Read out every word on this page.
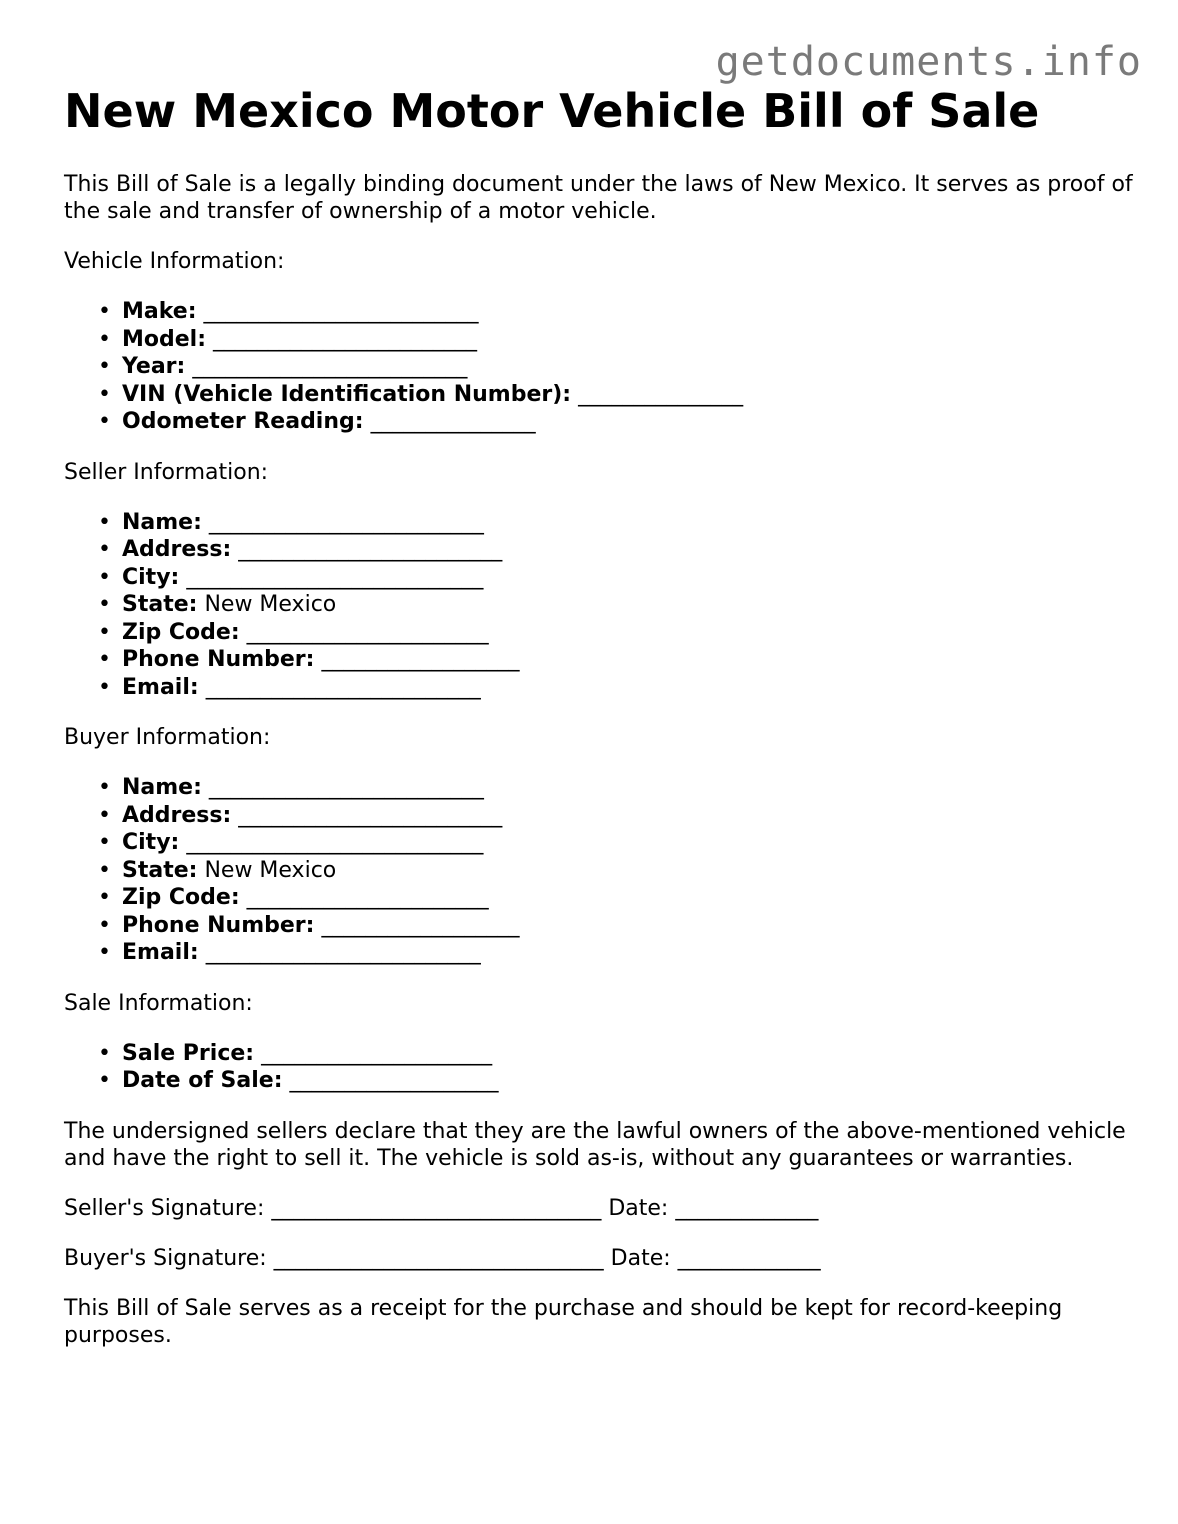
getdocuments.info
New Mexico Motor Vehicle Bill of Sale

This Bill of Sale is a legally binding document under the laws of New Mexico. It serves as proof of the sale and transfer of ownership of a motor vehicle.

Vehicle Information:

• Make: _________________________
• Model: ________________________
• Year: _________________________
• VIN (Vehicle Identification Number): _______________
• Odometer Reading: _______________

Seller Information:

• Name: _________________________
• Address: ________________________
• City: ___________________________
• State: New Mexico
• Zip Code: ______________________
• Phone Number: __________________
• Email: _________________________

Buyer Information:

• Name: _________________________
• Address: ________________________
• City: ___________________________
• State: New Mexico
• Zip Code: ______________________
• Phone Number: __________________
• Email: _________________________

Sale Information:

• Sale Price: _____________________
• Date of Sale: ___________________

The undersigned sellers declare that they are the lawful owners of the above-mentioned vehicle and have the right to sell it. The vehicle is sold as-is, without any guarantees or warranties.

Seller's Signature: ______________________________ Date: _____________

Buyer's Signature: ______________________________ Date: _____________

This Bill of Sale serves as a receipt for the purchase and should be kept for record-keeping purposes.
